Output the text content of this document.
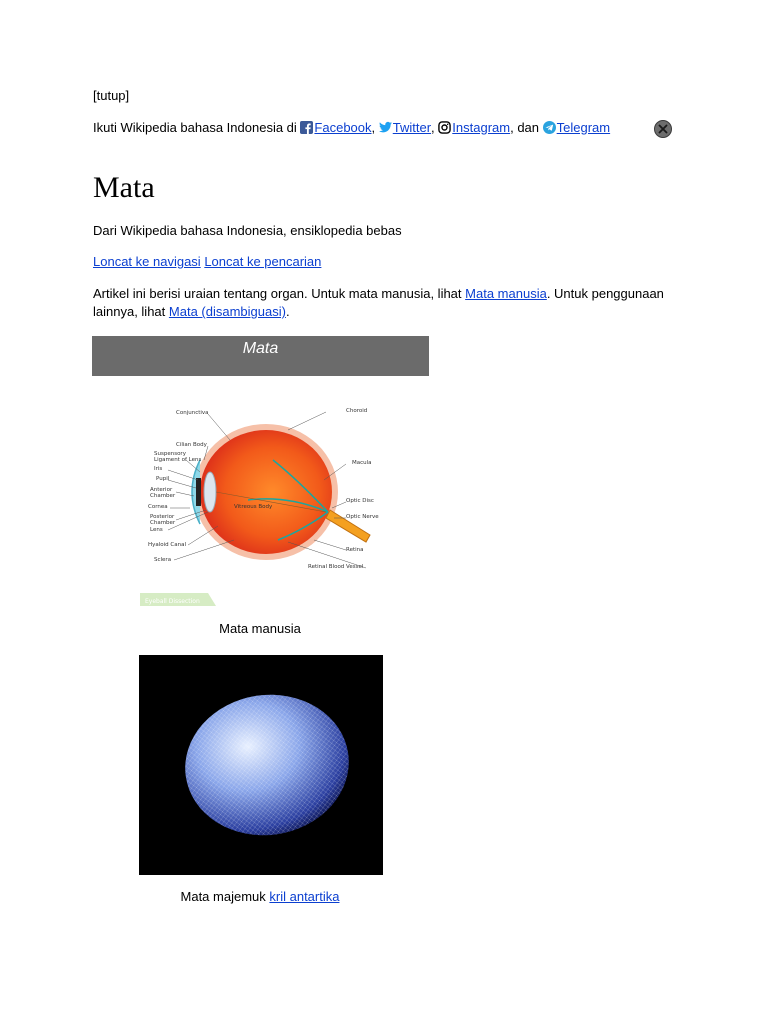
[tutup]
Ikuti Wikipedia bahasa Indonesia di
Facebook , Twitter , Instagram , dan
Telegram
Mata
Dari Wikipedia bahasa Indonesia, ensiklopedia bebas
Loncat ke navigasi Loncat ke pencarian
Artikel ini berisi uraian tentang organ. Untuk mata manusia, lihat Mata manusia. Untuk penggunaan lainnya, lihat Mata (disambiguasi).
Mata
Conjunctiva	Choroid
Cilian Body
Suspensory
Ligament of Lens
Iris
Pupil
Anterior
Chamber
Cornea
Posterior
Chamber
Lens
Hyaloid Canal
Sclera
Macula
Optic Disc
Optic Nerve
Retina
Retinal Blood Vessel
Vitreous Body
Eyeball Dissection
Mata manusia
Mata majemuk kril antartika
